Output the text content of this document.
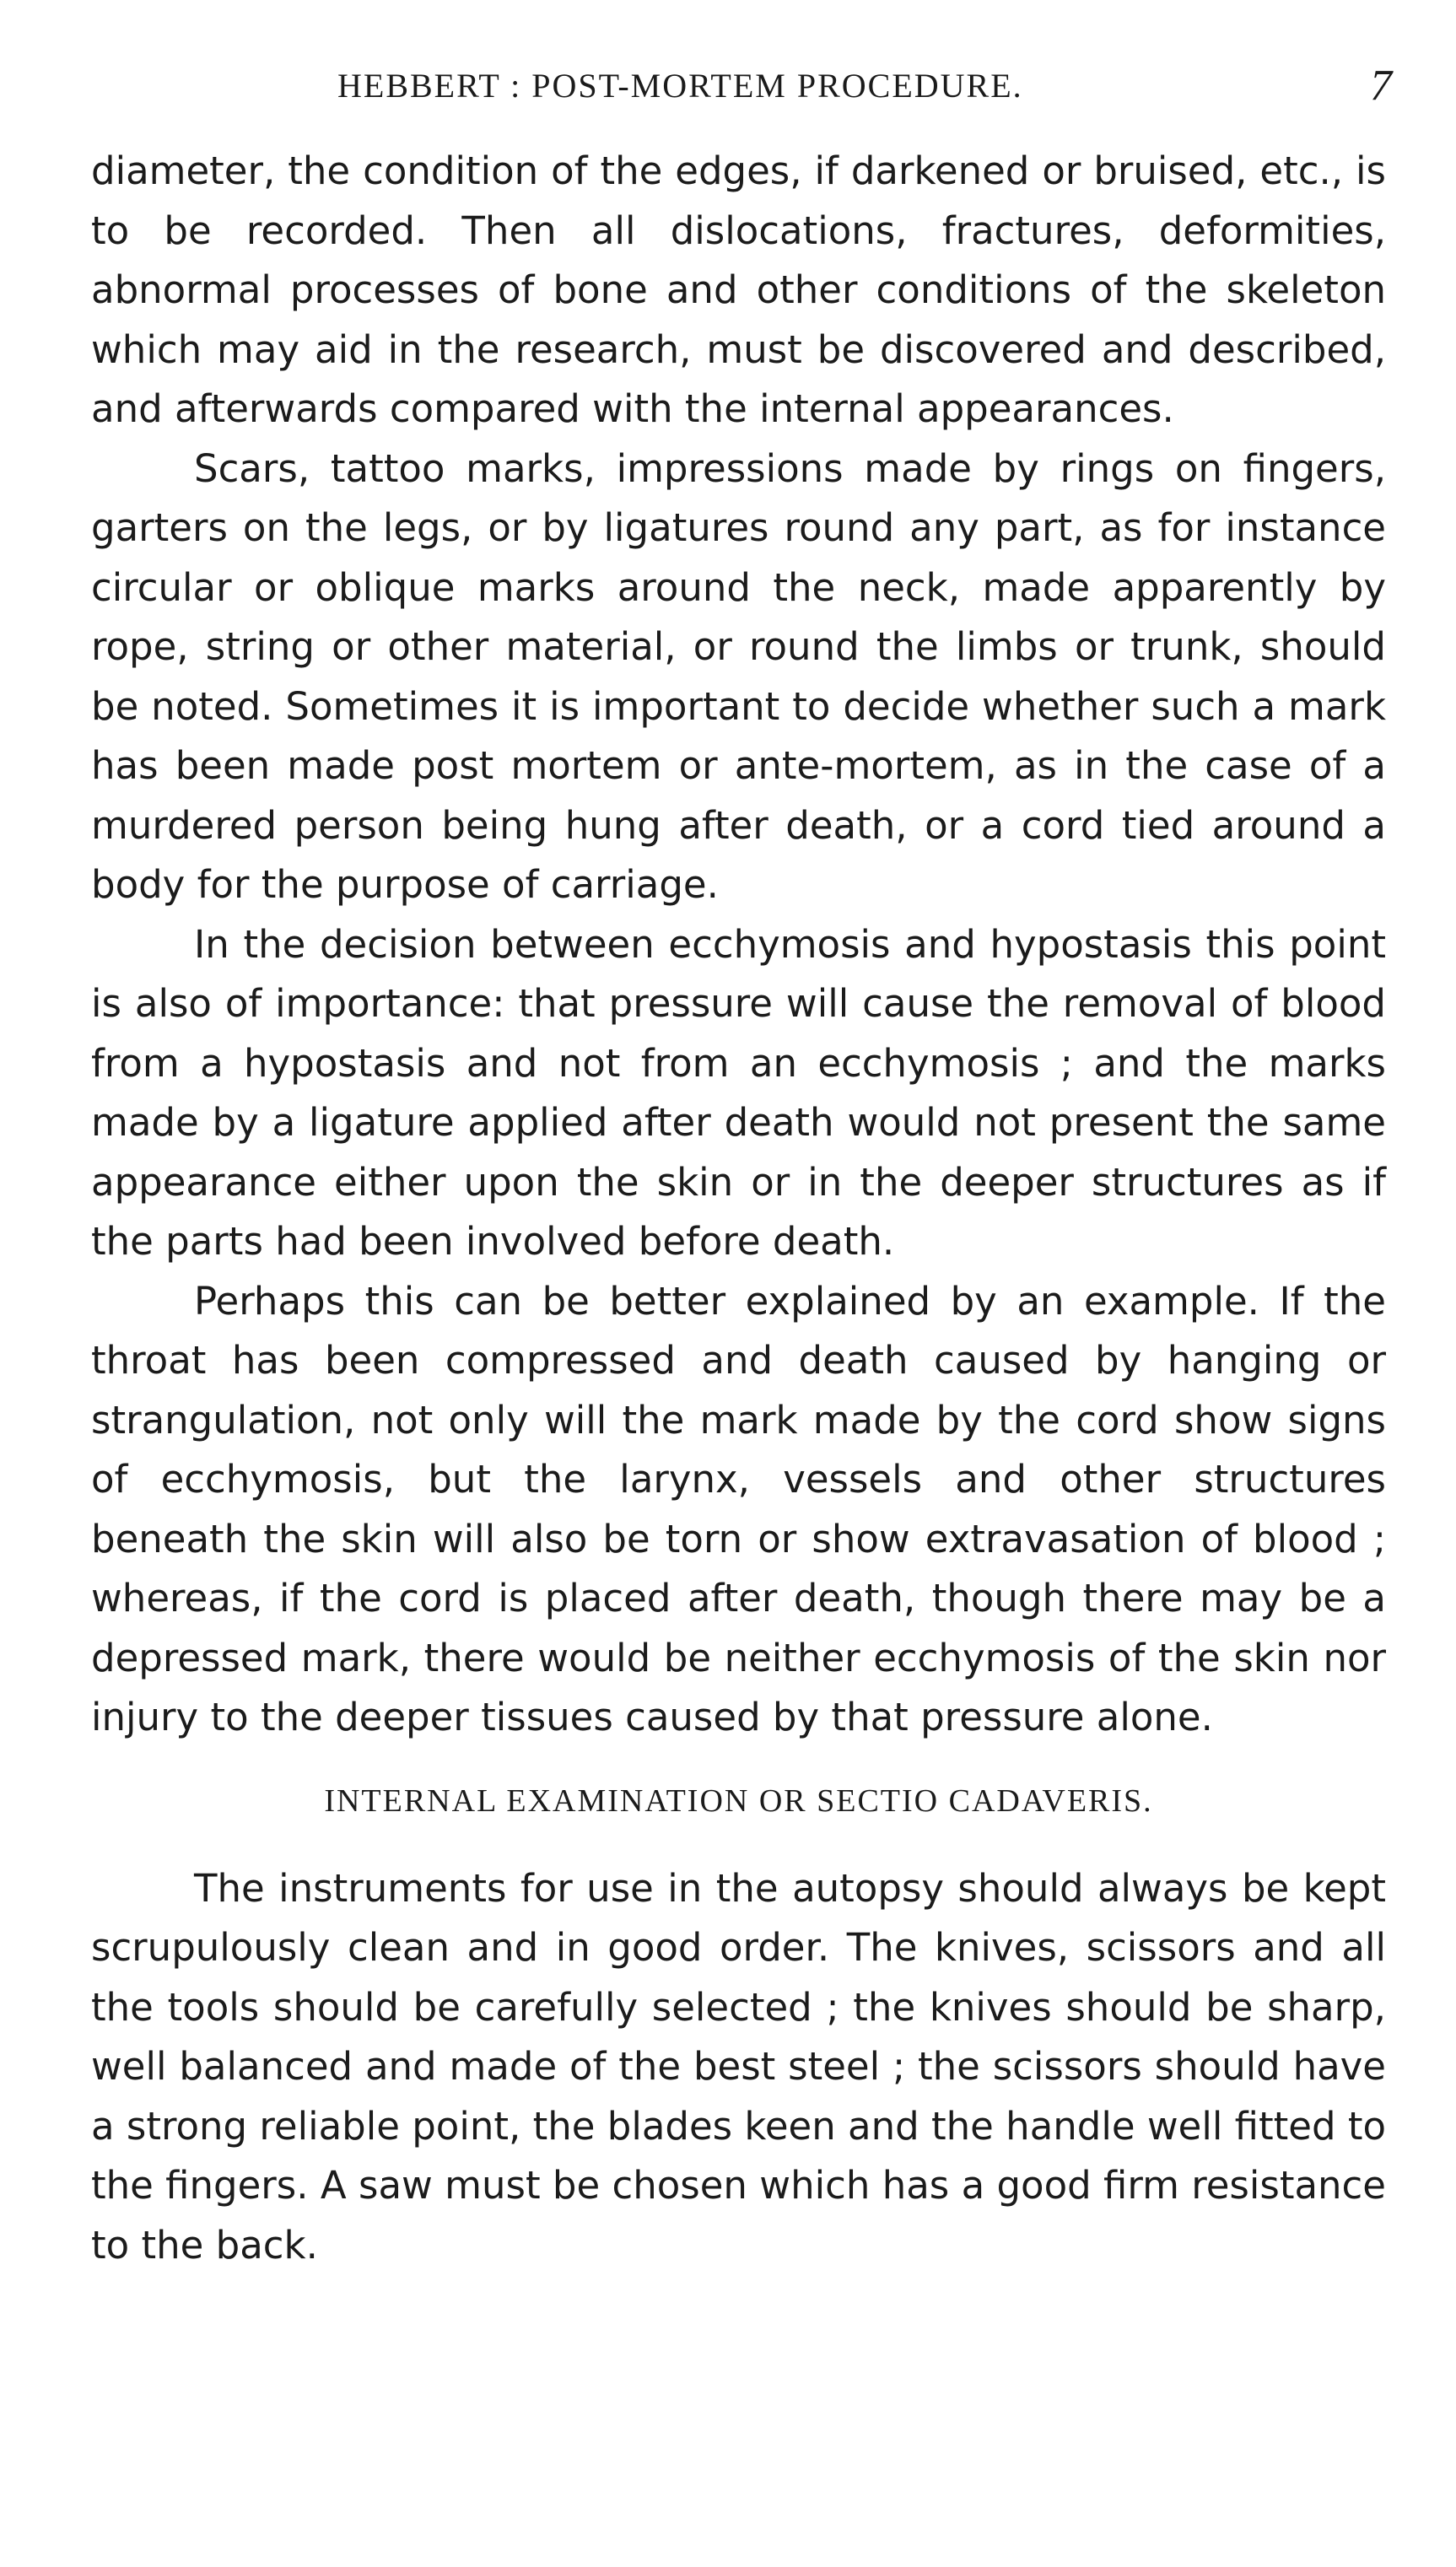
HEBBERT : POST-MORTEM PROCEDURE.	7

diameter, the condition of the edges, if darkened or bruised, etc., is to be recorded. Then all dislocations, fractures, deformities, abnormal processes of bone and other conditions of the skeleton which may aid in the research, must be discovered and described, and afterwards compared with the internal appearances.

Scars, tattoo marks, impressions made by rings on fingers, garters on the legs, or by ligatures round any part, as for instance circular or oblique marks around the neck, made apparently by rope, string or other material, or round the limbs or trunk, should be noted. Sometimes it is important to decide whether such a mark has been made post mortem or ante-mortem, as in the case of a murdered person being hung after death, or a cord tied around a body for the purpose of carriage.

In the decision between ecchymosis and hypostasis this point is also of importance: that pressure will cause the removal of blood from a hypostasis and not from an ecchymosis ; and the marks made by a ligature applied after death would not present the same appearance either upon the skin or in the deeper structures as if the parts had been involved before death.

Perhaps this can be better explained by an example. If the throat has been compressed and death caused by hanging or strangulation, not only will the mark made by the cord show signs of ecchymosis, but the larynx, vessels and other structures beneath the skin will also be torn or show extravasation of blood ; whereas, if the cord is placed after death, though there may be a depressed mark, there would be neither ecchymosis of the skin nor injury to the deeper tissues caused by that pressure alone.

INTERNAL EXAMINATION OR SECTIO CADAVERIS.

The instruments for use in the autopsy should always be kept scrupulously clean and in good order. The knives, scissors and all the tools should be carefully selected ; the knives should be sharp, well balanced and made of the best steel ; the scissors should have a strong reliable point, the blades keen and the handle well fitted to the fingers. A saw must be chosen which has a good firm resistance to the back.
